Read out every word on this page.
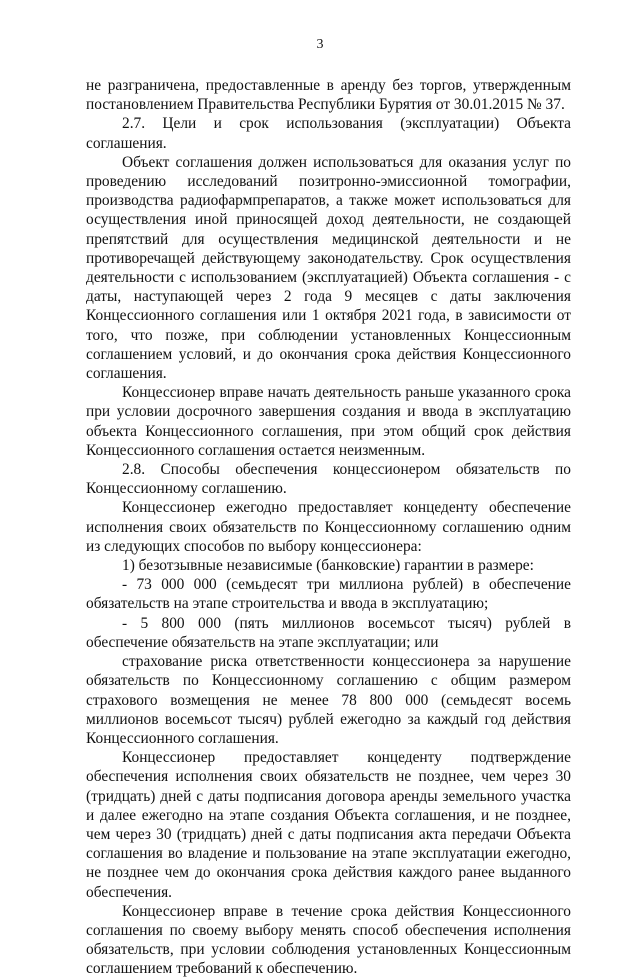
3

не разграничена, предоставленные в аренду без торгов, утвержденным постановлением Правительства Республики Бурятия от 30.01.2015 № 37.

2.7. Цели и срок использования (эксплуатации) Объекта соглашения.

Объект соглашения должен использоваться для оказания услуг по проведению исследований позитронно-эмиссионной томографии, производства радиофармпрепаратов, а также может использоваться для осуществления иной приносящей доход деятельности, не создающей препятствий для осуществления медицинской деятельности и не противоречащей действующему законодательству. Срок осуществления деятельности с использованием (эксплуатацией) Объекта соглашения - с даты, наступающей через 2 года 9 месяцев с даты заключения Концессионного соглашения или 1 октября 2021 года, в зависимости от того, что позже, при соблюдении установленных Концессионным соглашением условий, и до окончания срока действия Концессионного соглашения.

Концессионер вправе начать деятельность раньше указанного срока при условии досрочного завершения создания и ввода в эксплуатацию объекта Концессионного соглашения, при этом общий срок действия Концессионного соглашения остается неизменным.

2.8. Способы обеспечения концессионером обязательств по Концессионному соглашению.

Концессионер ежегодно предоставляет концеденту обеспечение исполнения своих обязательств по Концессионному соглашению одним из следующих способов по выбору концессионера:

1) безотзывные независимые (банковские) гарантии в размере:

- 73 000 000 (семьдесят три миллиона рублей) в обеспечение обязательств на этапе строительства и ввода в эксплуатацию;

- 5 800 000 (пять миллионов восемьсот тысяч) рублей в обеспечение обязательств на этапе эксплуатации; или

страхование риска ответственности концессионера за нарушение обязательств по Концессионному соглашению с общим размером страхового возмещения не менее 78 800 000 (семьдесят восемь миллионов восемьсот тысяч) рублей ежегодно за каждый год действия Концессионного соглашения.

Концессионер предоставляет концеденту подтверждение обеспечения исполнения своих обязательств не позднее, чем через 30 (тридцать) дней с даты подписания договора аренды земельного участка и далее ежегодно на этапе создания Объекта соглашения, и не позднее, чем через 30 (тридцать) дней с даты подписания акта передачи Объекта соглашения во владение и пользование на этапе эксплуатации ежегодно, не позднее чем до окончания срока действия каждого ранее выданного обеспечения.

Концессионер вправе в течение срока действия Концессионного соглашения по своему выбору менять способ обеспечения исполнения обязательств, при условии соблюдения установленных Концессионным соглашением требований к обеспечению.
